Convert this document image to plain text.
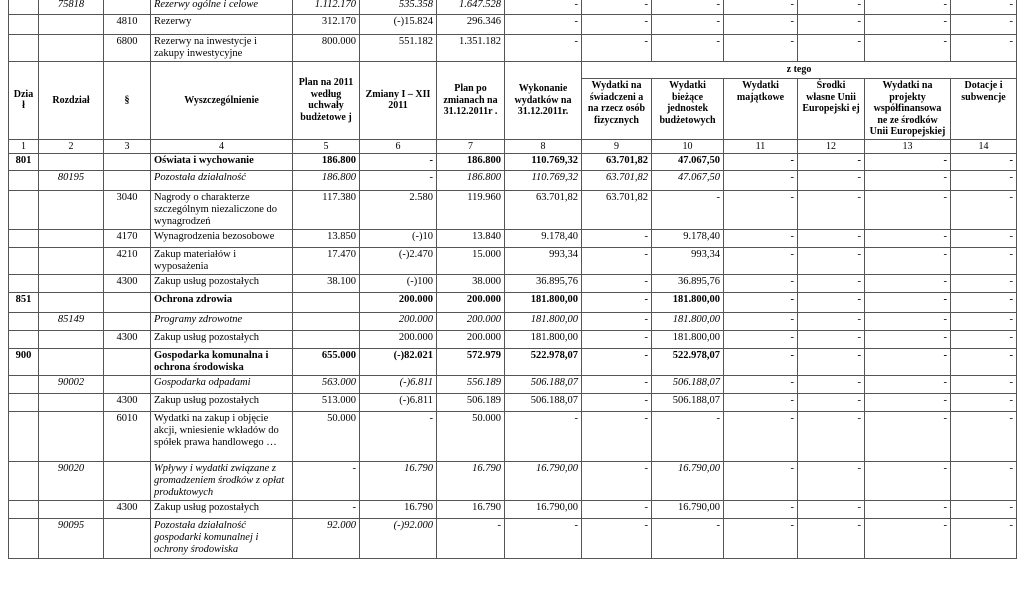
	75818		Rezerwy ogólne i celowe	1.112.170	535.358	1.647.528	-	-	-	-	-	-	-
		4810	Rezerwy	312.170	(-)15.824	296.346	-	-	-	-	-	-	-
		6800	Rezerwy na inwestycje i zakupy inwestycyjne	800.000	551.182	1.351.182	-	-	-	-	-	-	-
Dzia ł	Rozdział	§	Wyszczególnienie	Plan na 2011 według uchwały budżetowe j	Zmiany I – XII 2011	Plan po zmianach na 31.12.2011r .	Wykonanie wydatków na 31.12.2011r.	z tego					
								Wydatki na świadczeni a na rzecz osób fizycznych	Wydatki bieżące jednostek budżetowych	Wydatki majątkowe	Środki własne Unii Europejski ej	Wydatki na projekty współfinansowa ne ze środków Unii Europejskiej	Dotacje i subwencje
1	2	3	4	5	6	7	8	9	10	11	12	13	14
801			Oświata i wychowanie	186.800	-	186.800	110.769,32	63.701,82	47.067,50	-	-	-	-
	80195		Pozostała działalność	186.800	-	186.800	110.769,32	63.701,82	47.067,50	-	-	-	-
		3040	Nagrody o charakterze szczególnym niezaliczone do wynagrodzeń	117.380	2.580	119.960	63.701,82	63.701,82	-	-	-	-	-
		4170	Wynagrodzenia bezosobowe	13.850	(-)10	13.840	9.178,40	-	9.178,40	-	-	-	-
		4210	Zakup materiałów i wyposażenia	17.470	(-)2.470	15.000	993,34	-	993,34	-	-	-	-
		4300	Zakup usług pozostałych	38.100	(-)100	38.000	36.895,76	-	36.895,76	-	-	-	-
851			Ochrona zdrowia		200.000	200.000	181.800,00	-	181.800,00	-	-	-	-
	85149		Programy zdrowotne		200.000	200.000	181.800,00	-	181.800,00	-	-	-	-
		4300	Zakup usług pozostałych		200.000	200.000	181.800,00	-	181.800,00	-	-	-	-
900			Gospodarka komunalna i ochrona środowiska	655.000	(-)82.021	572.979	522.978,07	-	522.978,07	-	-	-	-
	90002		Gospodarka odpadami	563.000	(-)6.811	556.189	506.188,07	-	506.188,07	-	-	-	-
		4300	Zakup usług pozostałych	513.000	(-)6.811	506.189	506.188,07	-	506.188,07	-	-	-	-
		6010	Wydatki na zakup i objęcie akcji, wniesienie wkładów do spółek prawa handlowego …	50.000	-	50.000	-	-	-	-	-	-	-
	90020		Wpływy i wydatki związane z gromadzeniem środków z opłat produktowych	-	16.790	16.790	16.790,00	-	16.790,00	-	-	-	-
		4300	Zakup usług pozostałych	-	16.790	16.790	16.790,00	-	16.790,00	-	-	-	-
	90095		Pozostała działalność gospodarki komunalnej i ochrony środowiska	92.000	(-)92.000	-	-	-	-	-	-	-	-
